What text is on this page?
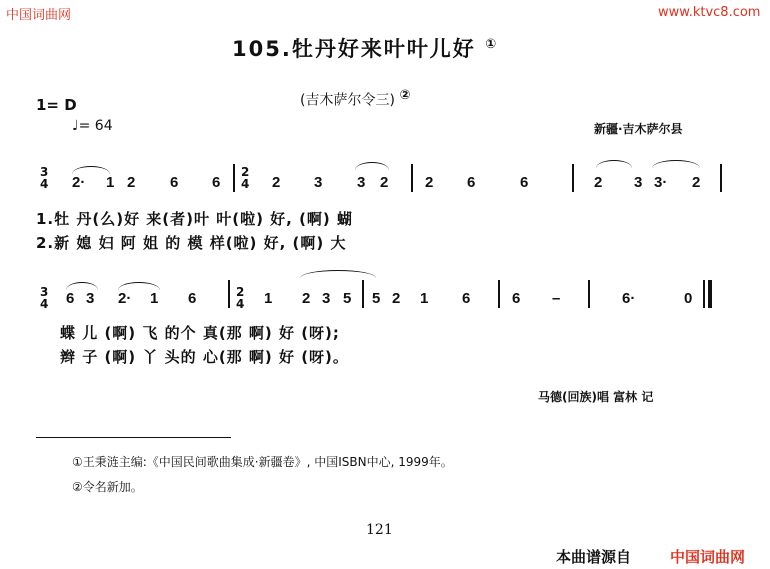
中国词曲网	www.ktvc8.com
105.牡丹好来叶叶儿好 ①
(吉木萨尔令三) ②
1= D
♩= 64	新疆·吉木萨尔县
3
4 2· 1 2 6 6
2
4 2 3 3 2 2 6	6	2 3 3· 2
1.牡 丹(么)好 来(者)叶 叶(啦) 好, (啊) 蝴
2.新 媳 妇 阿 姐 的 模 样(啦) 好, (啊) 大
3
4 6 3 2· 1 6	2
4 1 2 3 5 5 2 1 6	6 –	6·	0
蝶 儿 (啊) 飞 的个 真(那 啊) 好 (呀);
辫 子 (啊) 丫 头的 心(那 啊) 好 (呀)。
马德(回族)唱 富林 记
①王秉涟主编:《中国民间歌曲集成·新疆卷》, 中国ISBN中心, 1999年。
②令名新加。
121
本曲谱源自	中国词曲网
